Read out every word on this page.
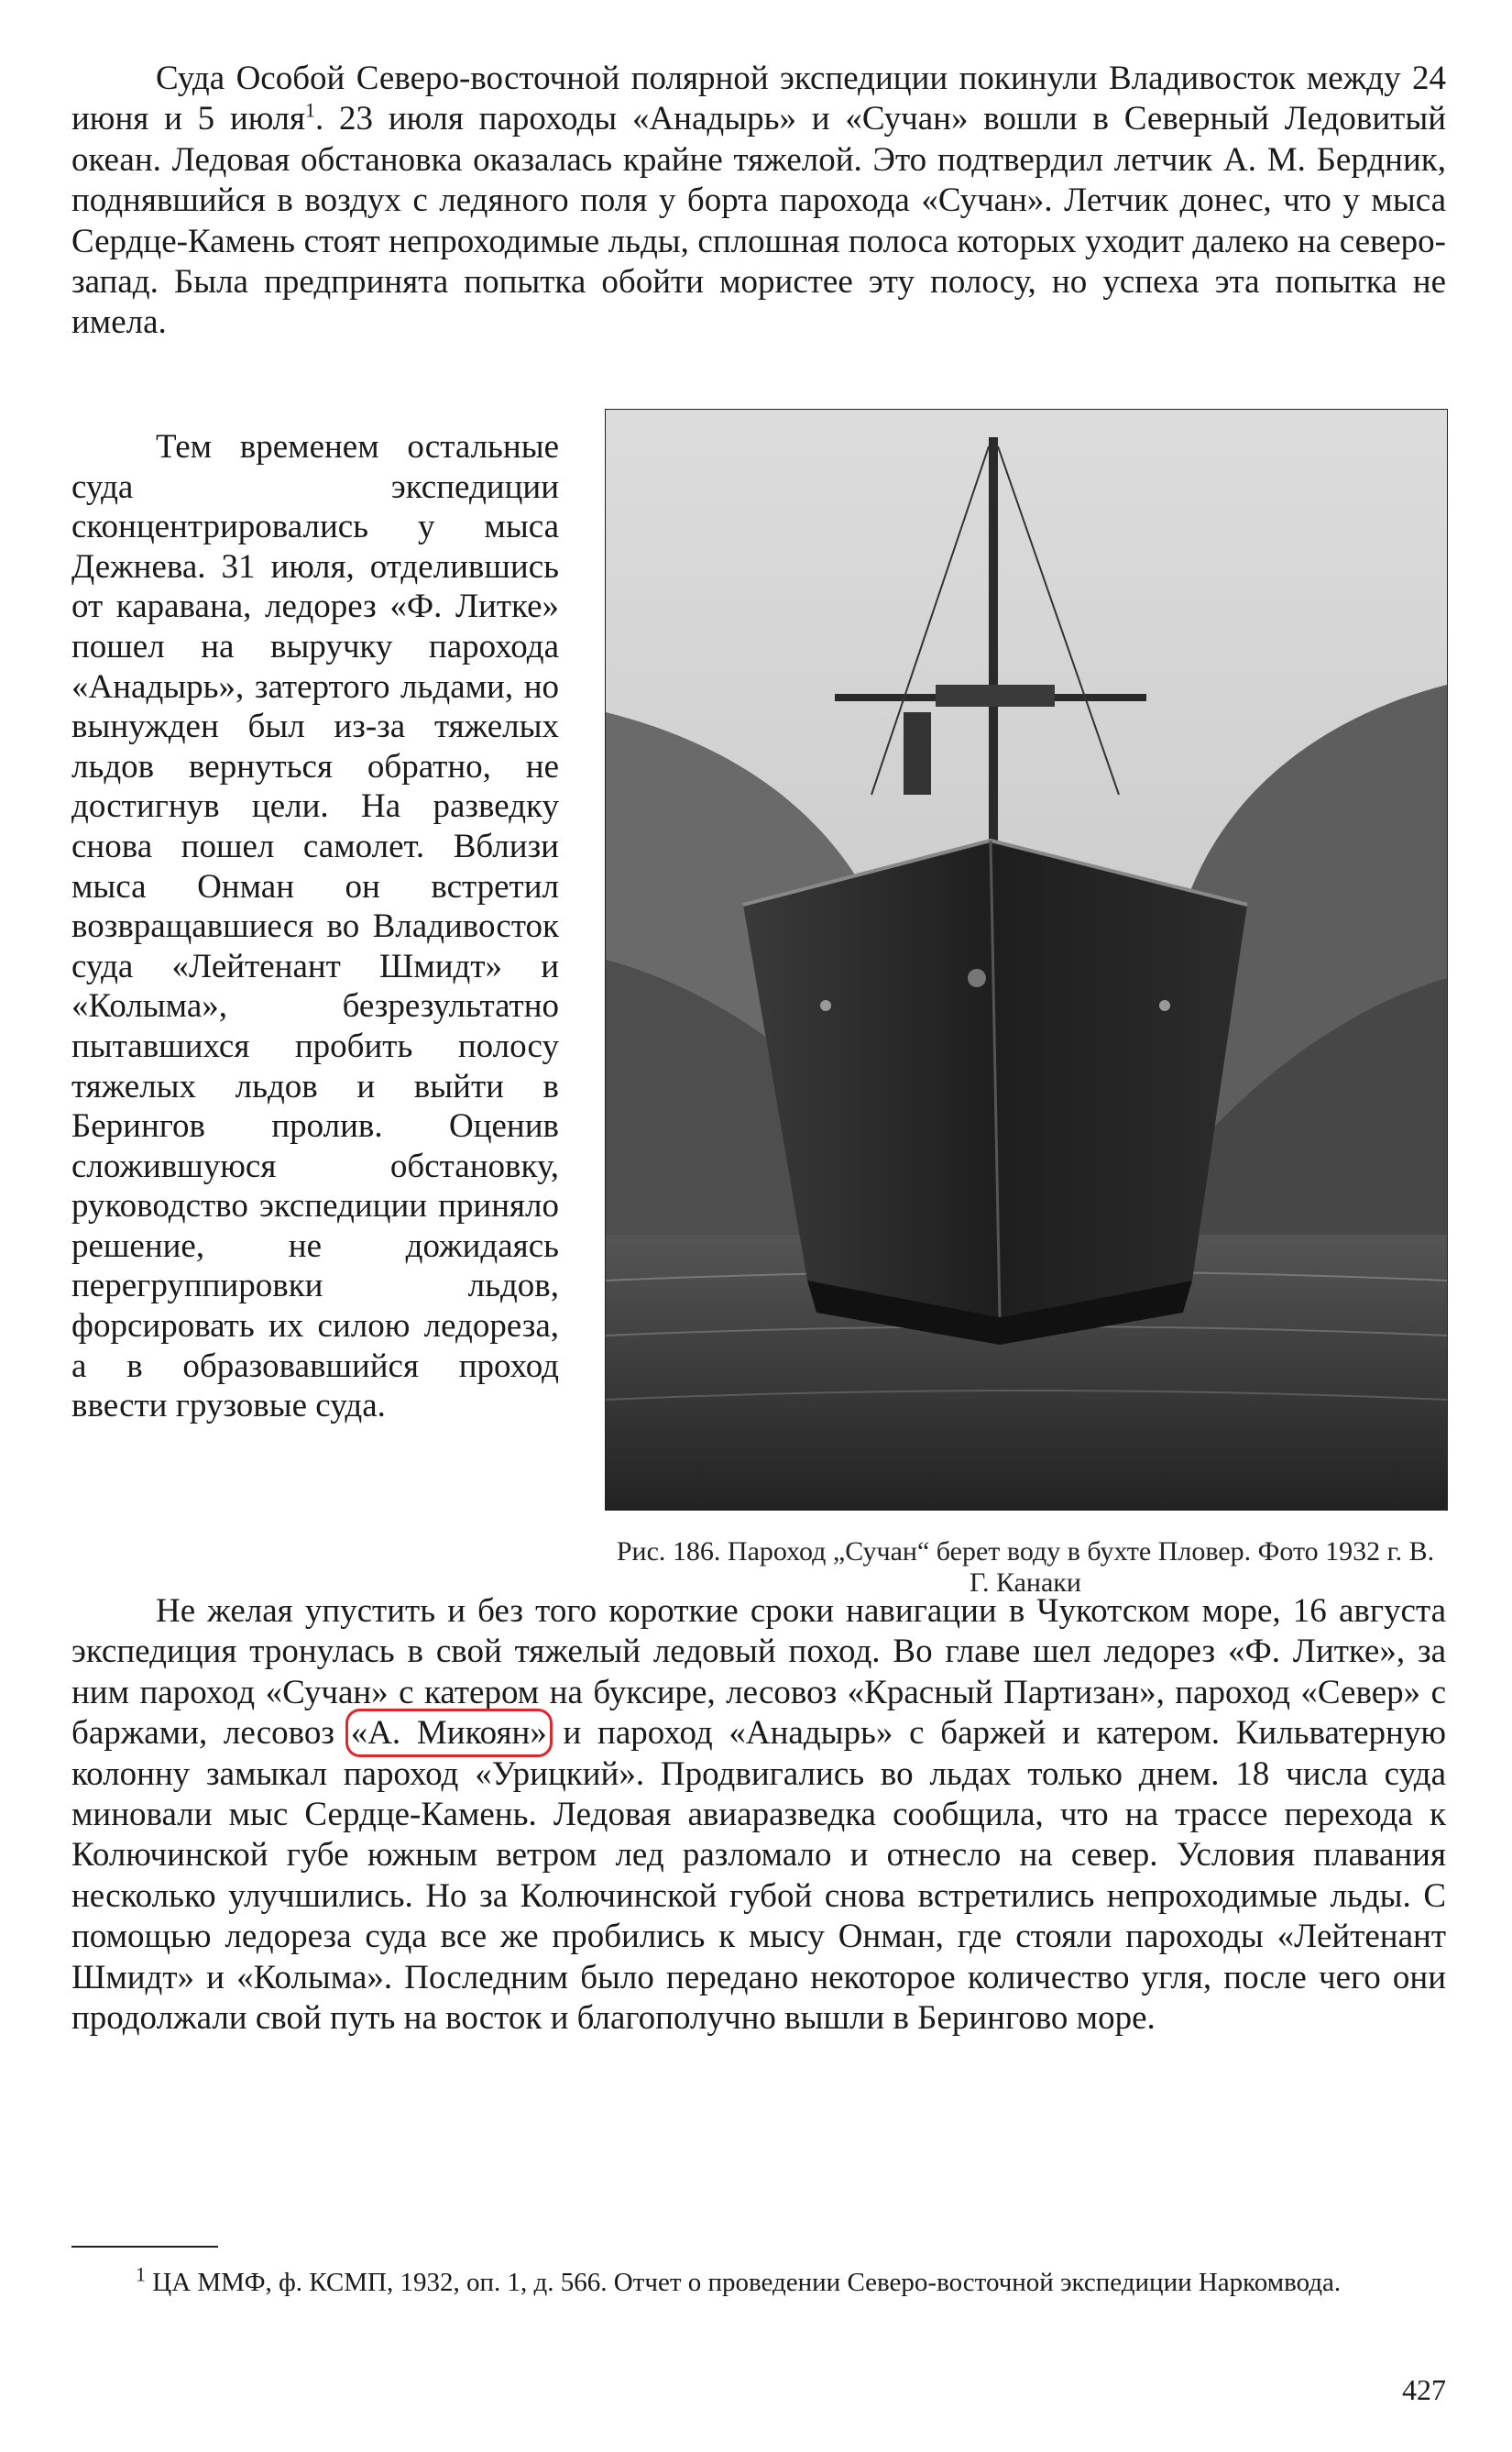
Суда Особой Северо-восточной полярной экспедиции покинули Владивосток между 24 июня и 5 июля$^1$. 23 июля пароходы «Анадырь» и «Сучан» вошли в Северный Ледовитый океан. Ледовая обстановка оказалась крайне тяжелой. Это подтвердил летчик А. М. Бердник, поднявшийся в воздух с ледяного поля у борта парохода «Сучан». Летчик донес, что у мыса Сердце-Камень стоят непроходимые льды, сплошная полоса которых уходит далеко на северо-запад. Была предпринята попытка обойти мористее эту полосу, но успеха эта попытка не имела.

Тем временем остальные суда экспедиции сконцентрировались у мыса Дежнева. 31 июля, отделившись от каравана, ледорез «Ф. Литке» пошел на выручку парохода «Анадырь», затертого льдами, но вынужден был из-за тяжелых льдов вернуться обратно, не достигнув цели. На разведку снова пошел самолет. Вблизи мыса Онман он встретил возвращавшиеся во Владивосток суда «Лейтенант Шмидт» и «Колыма», безрезультатно пытавшихся пробить полосу тяжелых льдов и выйти в Берингов пролив. Оценив сложившуюся обстановку, руководство экспедиции приняло решение, не дожидаясь перегруппировки льдов, форсировать их силою ледореза, а в образовавшийся проход ввести грузовые суда.

Рис. 186. Пароход „Сучан“ берет воду в бухте Пловер. Фото 1932 г. В. Г. Канаки

Не желая упустить и без того короткие сроки навигации в Чукотском море, 16 августа экспедиция тронулась в свой тяжелый ледовый поход. Во главе шел ледорез «Ф. Литке», за ним пароход «Сучан» с катером на буксире, лесовоз «Красный Партизан», пароход «Север» с баржами, лесовоз «А. Микоян» и пароход «Анадырь» с баржей и катером. Кильватерную колонну замыкал пароход «Урицкий». Продвигались во льдах только днем. 18 числа суда миновали мыс Сердце-Камень. Ледовая авиаразведка сообщила, что на трассе перехода к Колючинской губе южным ветром лед разломало и отнесло на север. Условия плавания несколько улучшились. Но за Колючинской губой снова встретились непроходимые льды. С помощью ледореза суда все же пробились к мысу Онман, где стояли пароходы «Лейтенант Шмидт» и «Колыма». Последним было передано некоторое количество угля, после чего они продолжали свой путь на восток и благополучно вышли в Берингово море.

$^1$ ЦА ММФ, ф. КСМП, 1932, оп. 1, д. 566. Отчет о проведении Северо-восточной экспедиции Наркомвода.
427
